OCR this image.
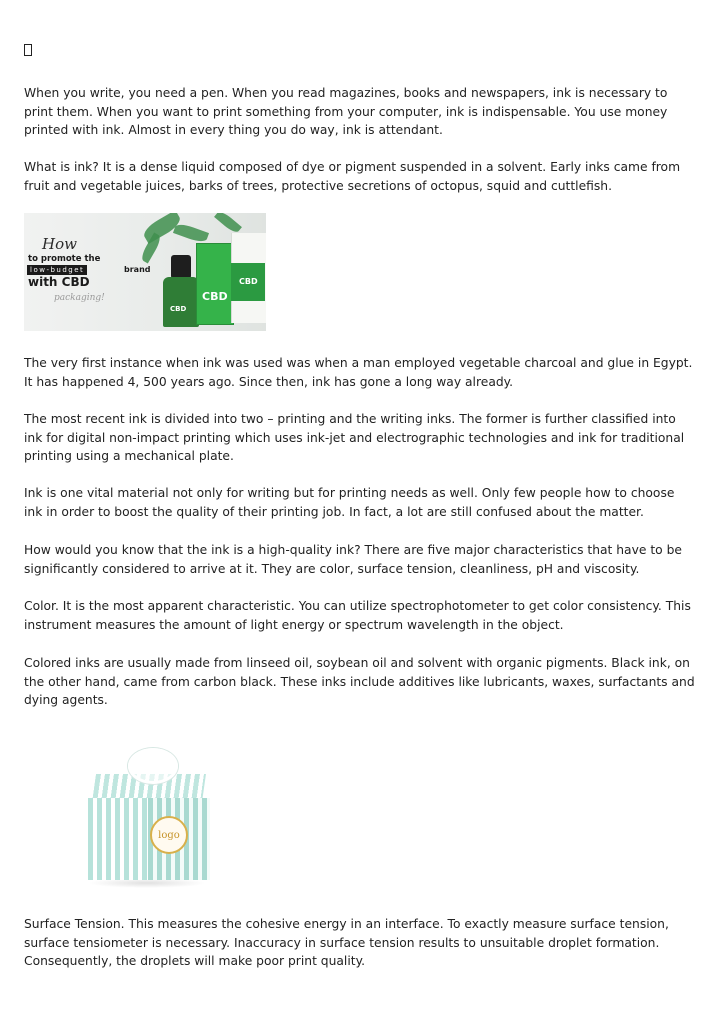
When you write, you need a pen. When you read magazines, books and newspapers, ink is necessary to print them. When you want to print something from your computer, ink is indispensable. You use money printed with ink. Almost in every thing you do way, ink is attendant.

What is ink? It is a dense liquid composed of dye or pigment suspended in a solvent. Early inks came from fruit and vegetable juices, barks of trees, protective secretions of octopus, squid and cuttlefish.

How
to promote the
low-budget	brand
with CBD
packaging!
CBD
CBD
CBD

The very first instance when ink was used was when a man employed vegetable charcoal and glue in Egypt. It has happened 4, 500 years ago. Since then, ink has gone a long way already.

The most recent ink is divided into two – printing and the writing inks. The former is further classified into ink for digital non-impact printing which uses ink-jet and electrographic technologies and ink for traditional printing using a mechanical plate.

Ink is one vital material not only for writing but for printing needs as well. Only few people how to choose ink in order to boost the quality of their printing job. In fact, a lot are still confused about the matter.

How would you know that the ink is a high-quality ink? There are five major characteristics that have to be significantly considered to arrive at it. They are color, surface tension, cleanliness, pH and viscosity.

Color. It is the most apparent characteristic. You can utilize spectrophotometer to get color consistency. This instrument measures the amount of light energy or spectrum wavelength in the object.

Colored inks are usually made from linseed oil, soybean oil and solvent with organic pigments. Black ink, on the other hand, came from carbon black. These inks include additives like lubricants, waxes, surfactants and dying agents.

logo

Surface Tension. This measures the cohesive energy in an interface. To exactly measure surface tension, surface tensiometer is necessary. Inaccuracy in surface tension results to unsuitable droplet formation. Consequently, the droplets will make poor print quality.
